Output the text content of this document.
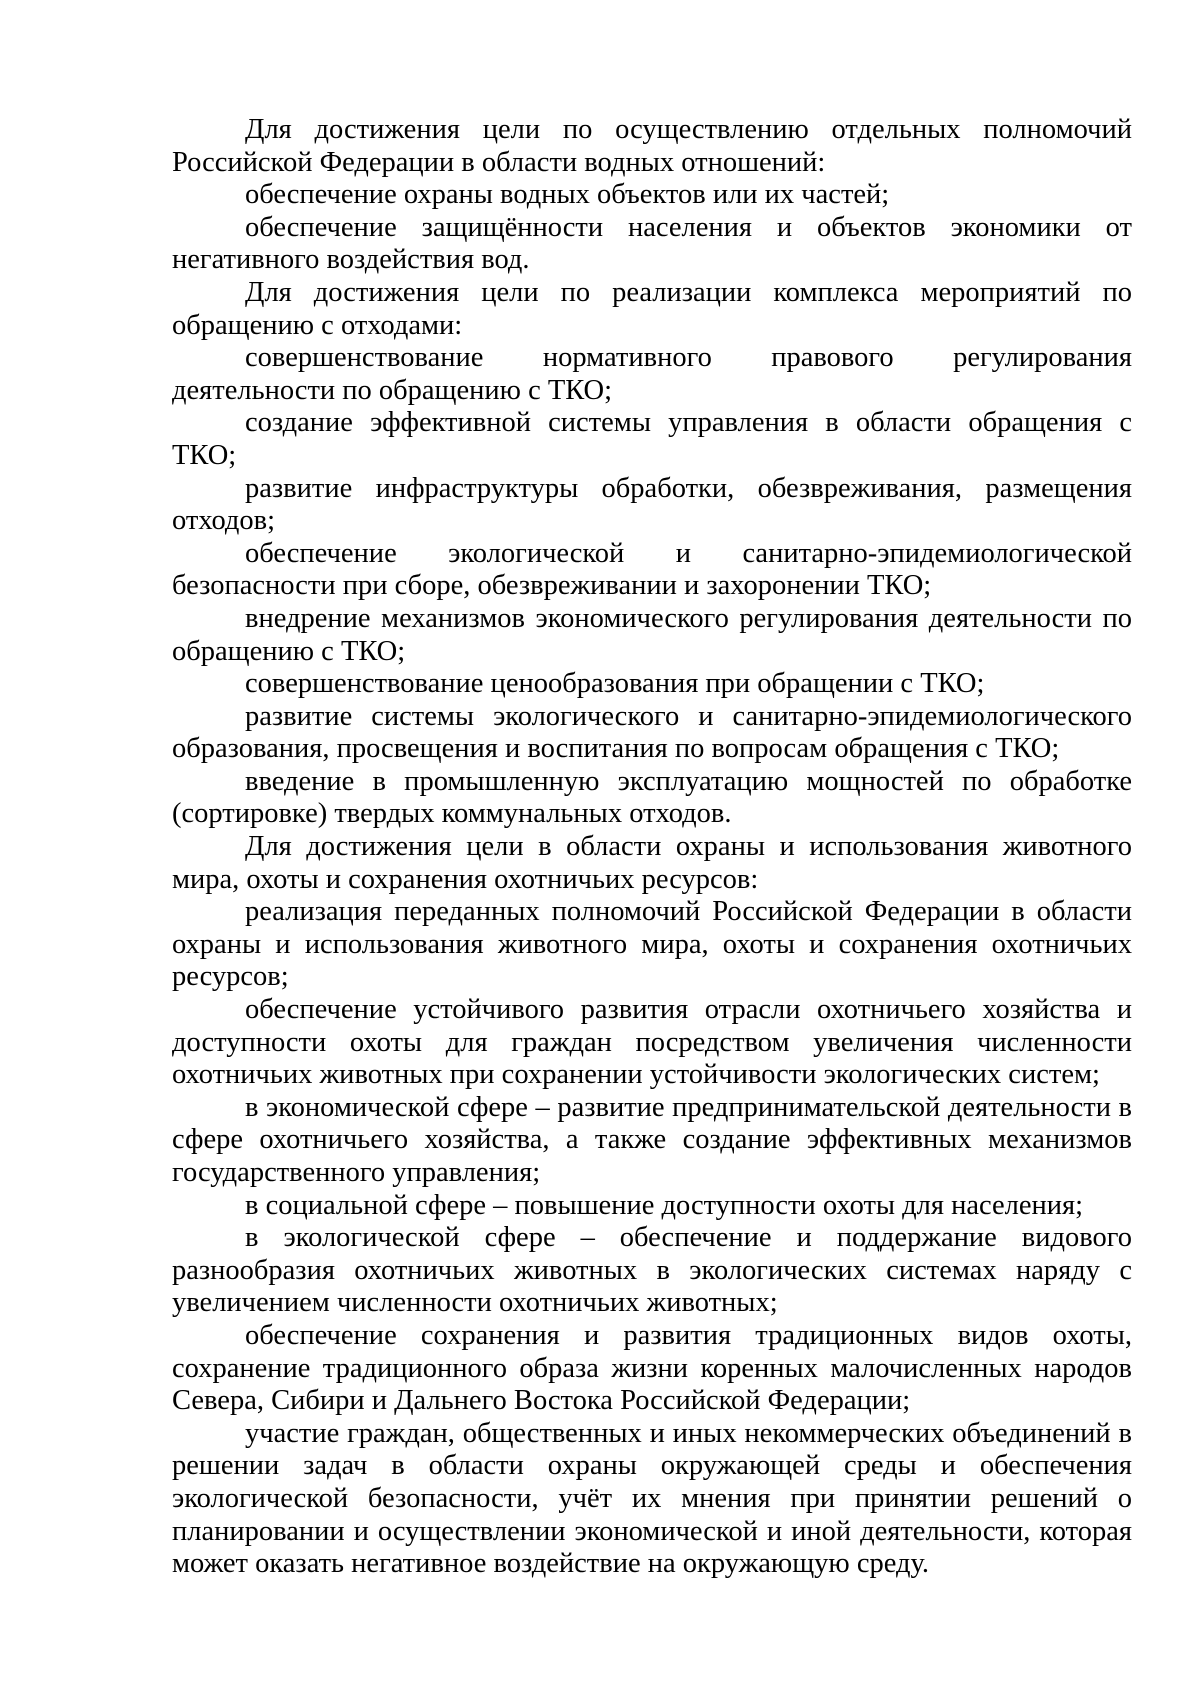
Для достижения цели по осуществлению отдельных полномочий Российской Федерации в области водных отношений:

обеспечение охраны водных объектов или их частей;

обеспечение защищённости населения и объектов экономики от негативного воздействия вод.

Для достижения цели по реализации комплекса мероприятий по обращению с отходами:

совершенствование нормативного правового регулирования деятельности по обращению с ТКО;

создание эффективной системы управления в области обращения с ТКО;

развитие инфраструктуры обработки, обезвреживания, размещения отходов;

обеспечение экологической и санитарно-эпидемиологической безопасности при сборе, обезвреживании и захоронении ТКО;

внедрение механизмов экономического регулирования деятельности по обращению с ТКО;

совершенствование ценообразования при обращении с ТКО;

развитие системы экологического и санитарно-эпидемиологического образования, просвещения и воспитания по вопросам обращения с ТКО;

введение в промышленную эксплуатацию мощностей по обработке (сортировке) твердых коммунальных отходов.

Для достижения цели в области охраны и использования животного мира, охоты и сохранения охотничьих ресурсов:

реализация переданных полномочий Российской Федерации в области охраны и использования животного мира, охоты и сохранения охотничьих ресурсов;

обеспечение устойчивого развития отрасли охотничьего хозяйства и доступности охоты для граждан посредством увеличения численности охотничьих животных при сохранении устойчивости экологических систем;

в экономической сфере – развитие предпринимательской деятельности в сфере охотничьего хозяйства, а также создание эффективных механизмов государственного управления;

в социальной сфере – повышение доступности охоты для населения;

в экологической сфере – обеспечение и поддержание видового разнообразия охотничьих животных в экологических системах наряду с увеличением численности охотничьих животных;

обеспечение сохранения и развития традиционных видов охоты, сохранение традиционного образа жизни коренных малочисленных народов Севера, Сибири и Дальнего Востока Российской Федерации;

участие граждан, общественных и иных некоммерческих объединений в решении задач в области охраны окружающей среды и обеспечения экологической безопасности, учёт их мнения при принятии решений о планировании и осуществлении экономической и иной деятельности, которая может оказать негативное воздействие на окружающую среду.
